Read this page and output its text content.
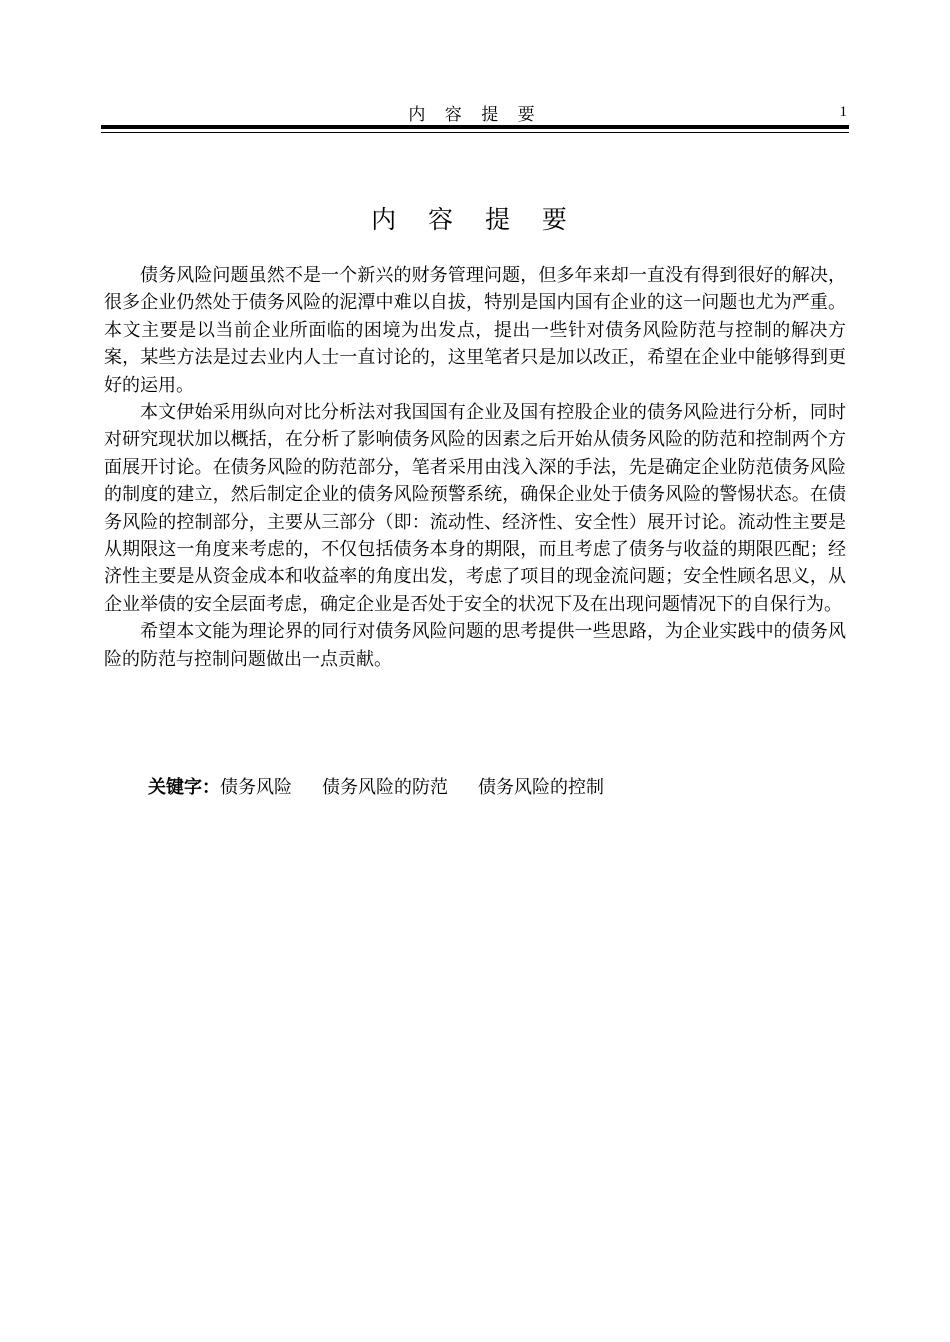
内 容 提 要	1
内 容 提 要

债务风险问题虽然不是一个新兴的财务管理问题，但多年来却一直没有得到很好的解决，很多企业仍然处于债务风险的泥潭中难以自拔，特别是国内国有企业的这一问题也尤为严重。本文主要是以当前企业所面临的困境为出发点，提出一些针对债务风险防范与控制的解决方案，某些方法是过去业内人士一直讨论的，这里笔者只是加以改正，希望在企业中能够得到更好的运用。

本文伊始采用纵向对比分析法对我国国有企业及国有控股企业的债务风险进行分析，同时对研究现状加以概括，在分析了影响债务风险的因素之后开始从债务风险的防范和控制两个方面展开讨论。在债务风险的防范部分，笔者采用由浅入深的手法，先是确定企业防范债务风险的制度的建立，然后制定企业的债务风险预警系统，确保企业处于债务风险的警惕状态。在债务风险的控制部分，主要从三部分（即：流动性、经济性、安全性）展开讨论。流动性主要是从期限这一角度来考虑的，不仅包括债务本身的期限，而且考虑了债务与收益的期限匹配；经济性主要是从资金成本和收益率的角度出发，考虑了项目的现金流问题；安全性顾名思义，从企业举债的安全层面考虑，确定企业是否处于安全的状况下及在出现问题情况下的自保行为。

希望本文能为理论界的同行对债务风险问题的思考提供一些思路，为企业实践中的债务风险的防范与控制问题做出一点贡献。

关键字：债务风险 债务风险的防范 债务风险的控制
